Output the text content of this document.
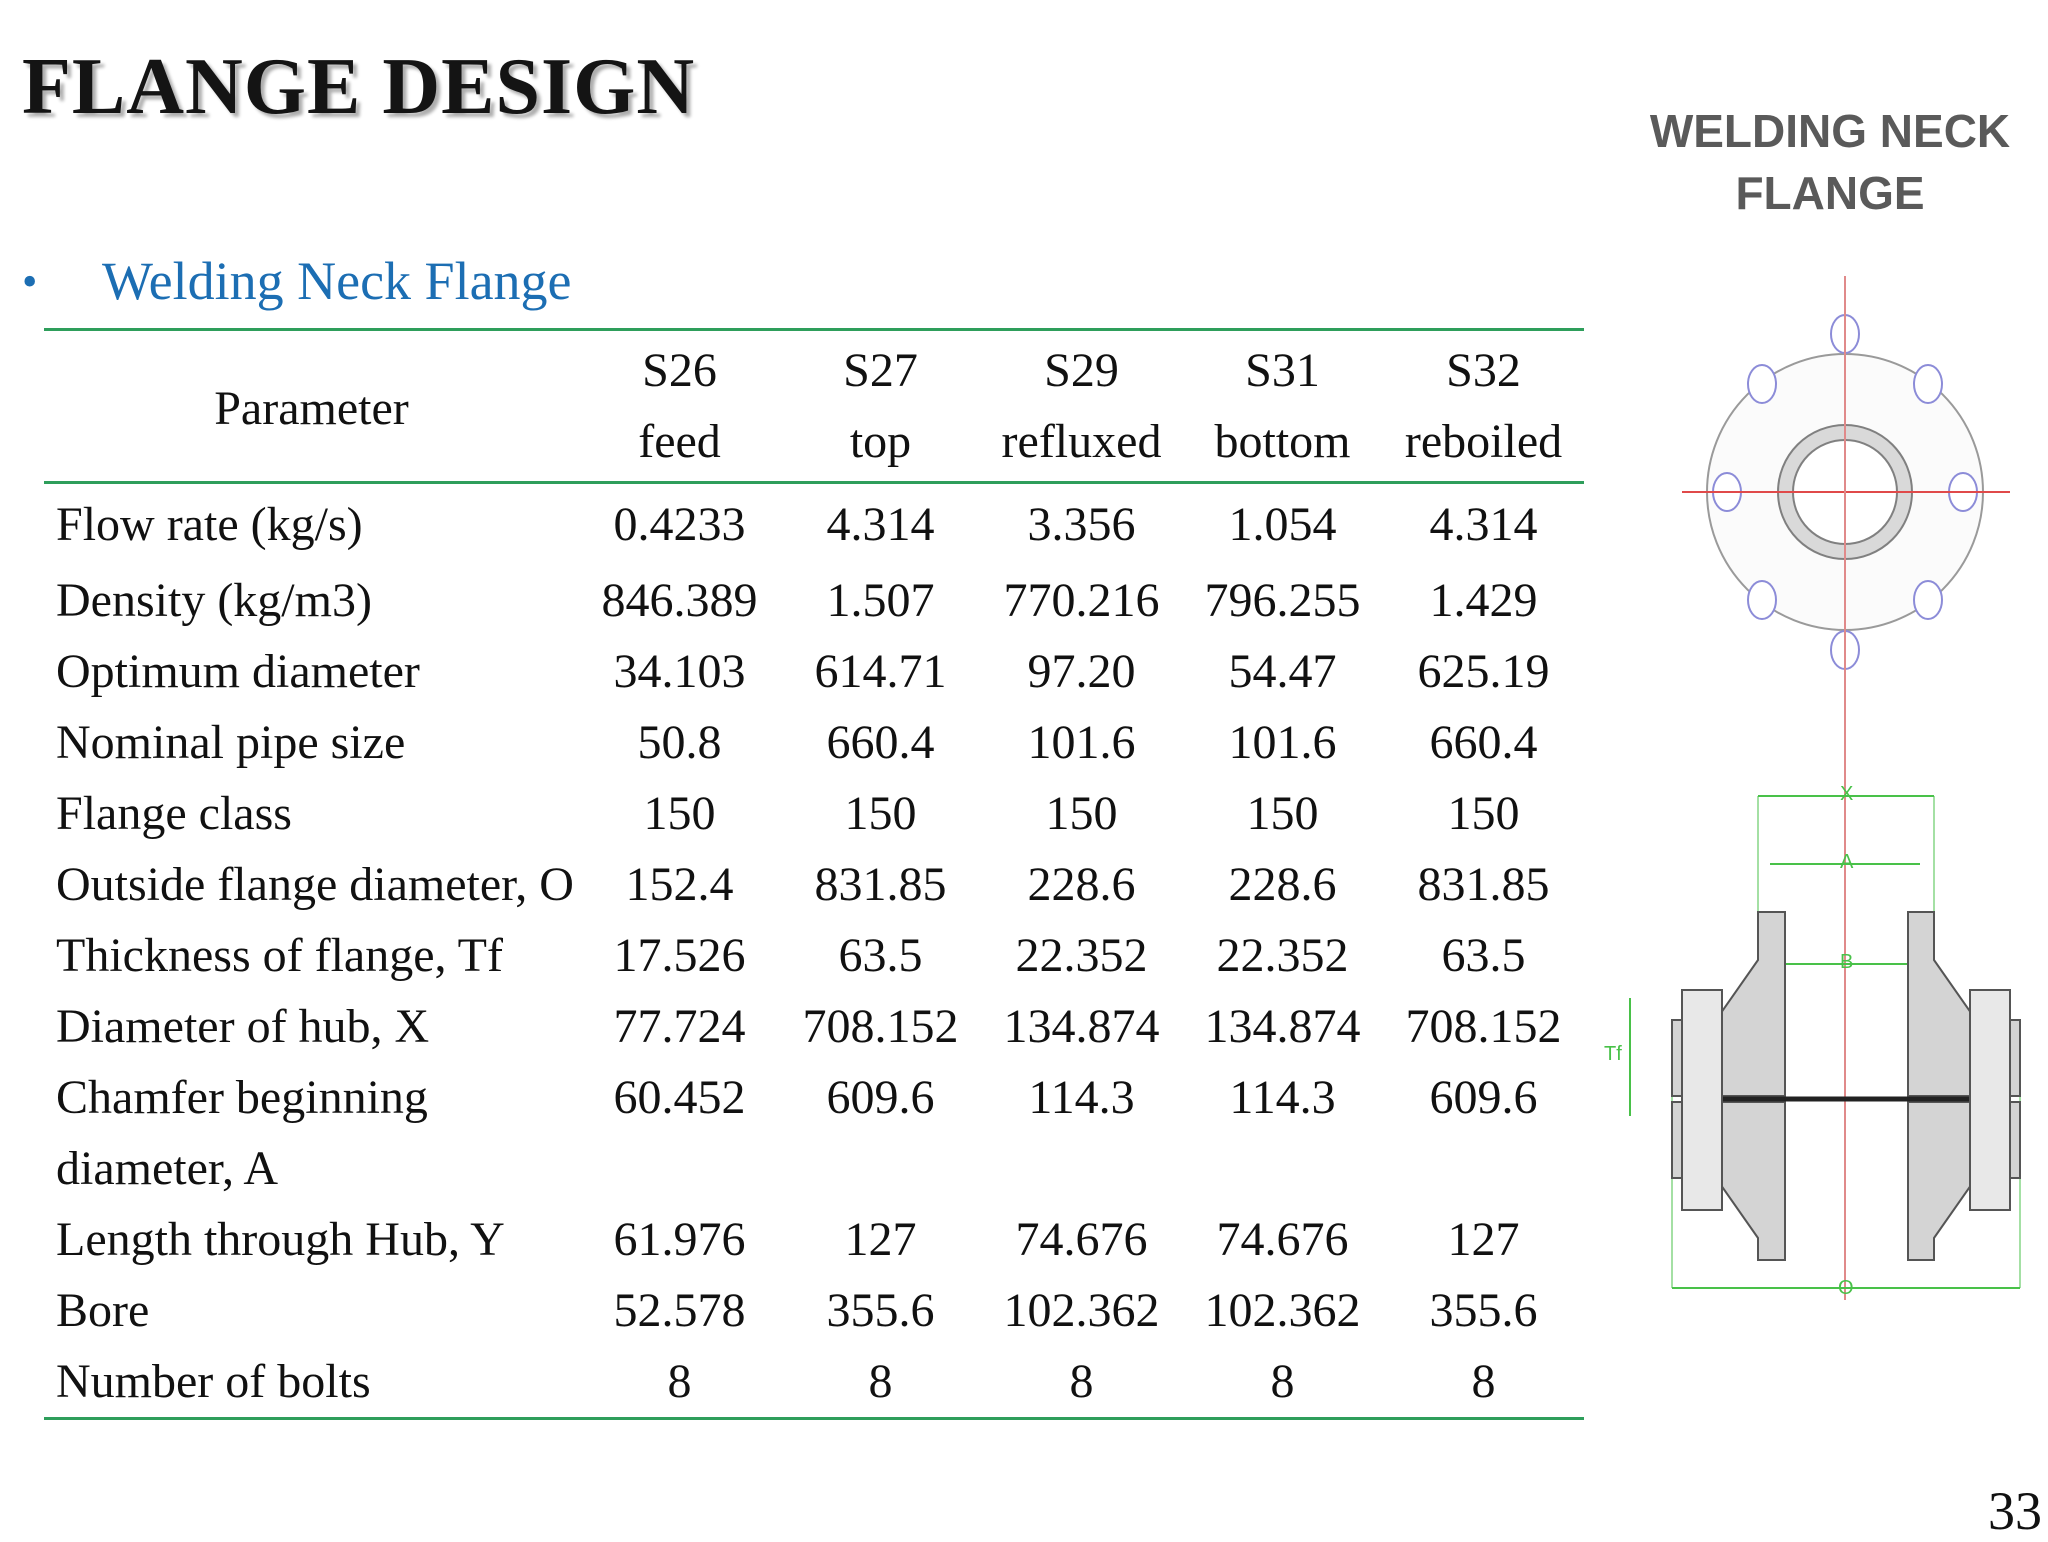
FLANGE DESIGN
•	Welding Neck Flange
Parameter	S26	S27	S29	S31	S32
	feed	top	refluxed	bottom	reboiled
Flow rate (kg/s)	0.4233	4.314	3.356	1.054	4.314
Density (kg/m3)	846.389	1.507	770.216	796.255	1.429
Optimum diameter	34.103	614.71	97.20	54.47	625.19
Nominal pipe size	50.8	660.4	101.6	101.6	660.4
Flange class	150	150	150	150	150
Outside flange diameter, O	152.4	831.85	228.6	228.6	831.85
Thickness of flange, Tf	17.526	63.5	22.352	22.352	63.5
Diameter of hub, X	77.724	708.152	134.874	134.874	708.152
Chamfer beginning diameter, A	60.452	609.6	114.3	114.3	609.6
Length through Hub, Y	61.976	127	74.676	74.676	127
Bore	52.578	355.6	102.362	102.362	355.6
Number of bolts	8	8	8	8	8
WELDING NECK
FLANGE
X
A
B
Tf
O
33
